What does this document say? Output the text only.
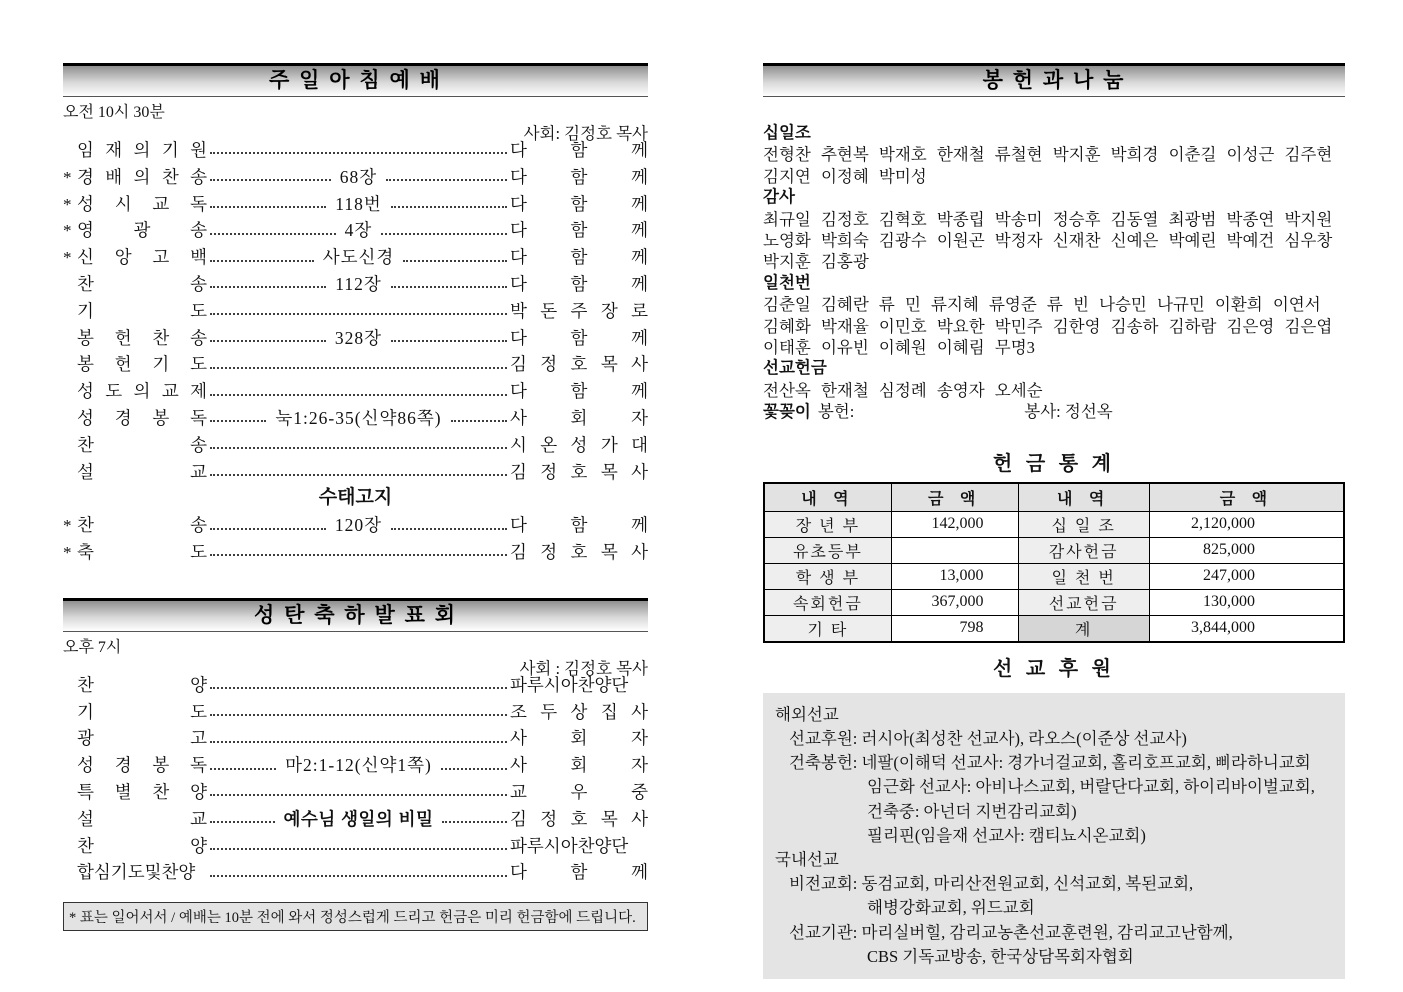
주 일 아 침 예 배
오전 10시 30분
사회: 김정호 목사
임 재 의 기 원	다 함 께
* 경 배 의 찬 송	68장	다 함 께
* 성 시 교 독	118번	다 함 께
* 영 광 송	4장	다 함 께
* 신 앙 고 백	사도신경	다 함 께
찬 송	112장	다 함 께
기 도	박 돈 주 장 로
봉 헌 찬 송	328장	다 함 께
봉 헌 기 도	김 정 호 목 사
성 도 의 교 제	다 함 께
성 경 봉 독	눅1:26-35(신약86쪽)	사 회 자
찬 송	시 온 성 가 대
설 교	김 정 호 목 사
수태고지
* 찬 송	120장	다 함 께
* 축 도	김 정 호 목 사
성 탄 축 하 발 표 회
오후 7시
사회 : 김정호 목사
찬 양	파루시아찬양단
기 도	조 두 상 집 사
광 고	사 회 자
성 경 봉 독	마2:1-12(신약1쪽)	사 회 자
특 별 찬 양	교 우 중
설 교	예수님 생일의 비밀	김 정 호 목 사
찬 양	파루시아찬양단
합심기도및찬양	다 함 께
* 표는 일어서서 / 예배는 10분 전에 와서 정성스럽게 드리고 헌금은 미리 헌금함에 드립니다.
봉 헌 과 나 눔
십일조
전형찬 추현복 박재호 한재철 류철현 박지훈 박희경 이춘길 이성근 김주현
김지연 이정혜 박미성
감사
최규일 김정호 김혁호 박종립 박송미 정승후 김동열 최광범 박종연 박지원
노영화 박희숙 김광수 이원곤 박정자 신재찬 신예은 박예린 박예건 심우창
박지훈 김홍광
일천번
김춘일 김혜란 류 민 류지혜 류영준 류 빈 나승민 나규민 이환희 이연서
김혜화 박재율 이민호 박요한 박민주 김한영 김송하 김하람 김은영 김은엽
이태훈 이유빈 이혜원 이혜림 무명3
선교헌금
전산옥 한재철 심정례 송영자 오세순
꽃꽂이 봉헌:	봉사: 정선옥
헌 금 통 계
내 역	금 액	내 역	금 액
장 년 부	142,000	십 일 조	2,120,000
유초등부		감사헌금	825,000
학 생 부	13,000	일 천 번	247,000
속회헌금	367,000	선교헌금	130,000
기 타	798	계	3,844,000
선 교 후 원
해외선교
선교후원: 러시아(최성찬 선교사), 라오스(이준상 선교사)
건축봉헌: 네팔(이해덕 선교사: 경가너걸교회, 홀리호프교회, 삐라하니교회
임근화 선교사: 아비나스교회, 버랄단다교회, 하이리바이벌교회,
건축중: 아넌더 지번감리교회)
필리핀(임을재 선교사: 캠티뇨시온교회)
국내선교
비전교회: 동검교회, 마리산전원교회, 신석교회, 복된교회,
해병강화교회, 위드교회
선교기관: 마리실버힐, 감리교농촌선교훈련원, 감리교고난함께,
CBS 기독교방송, 한국상담목회자협회
